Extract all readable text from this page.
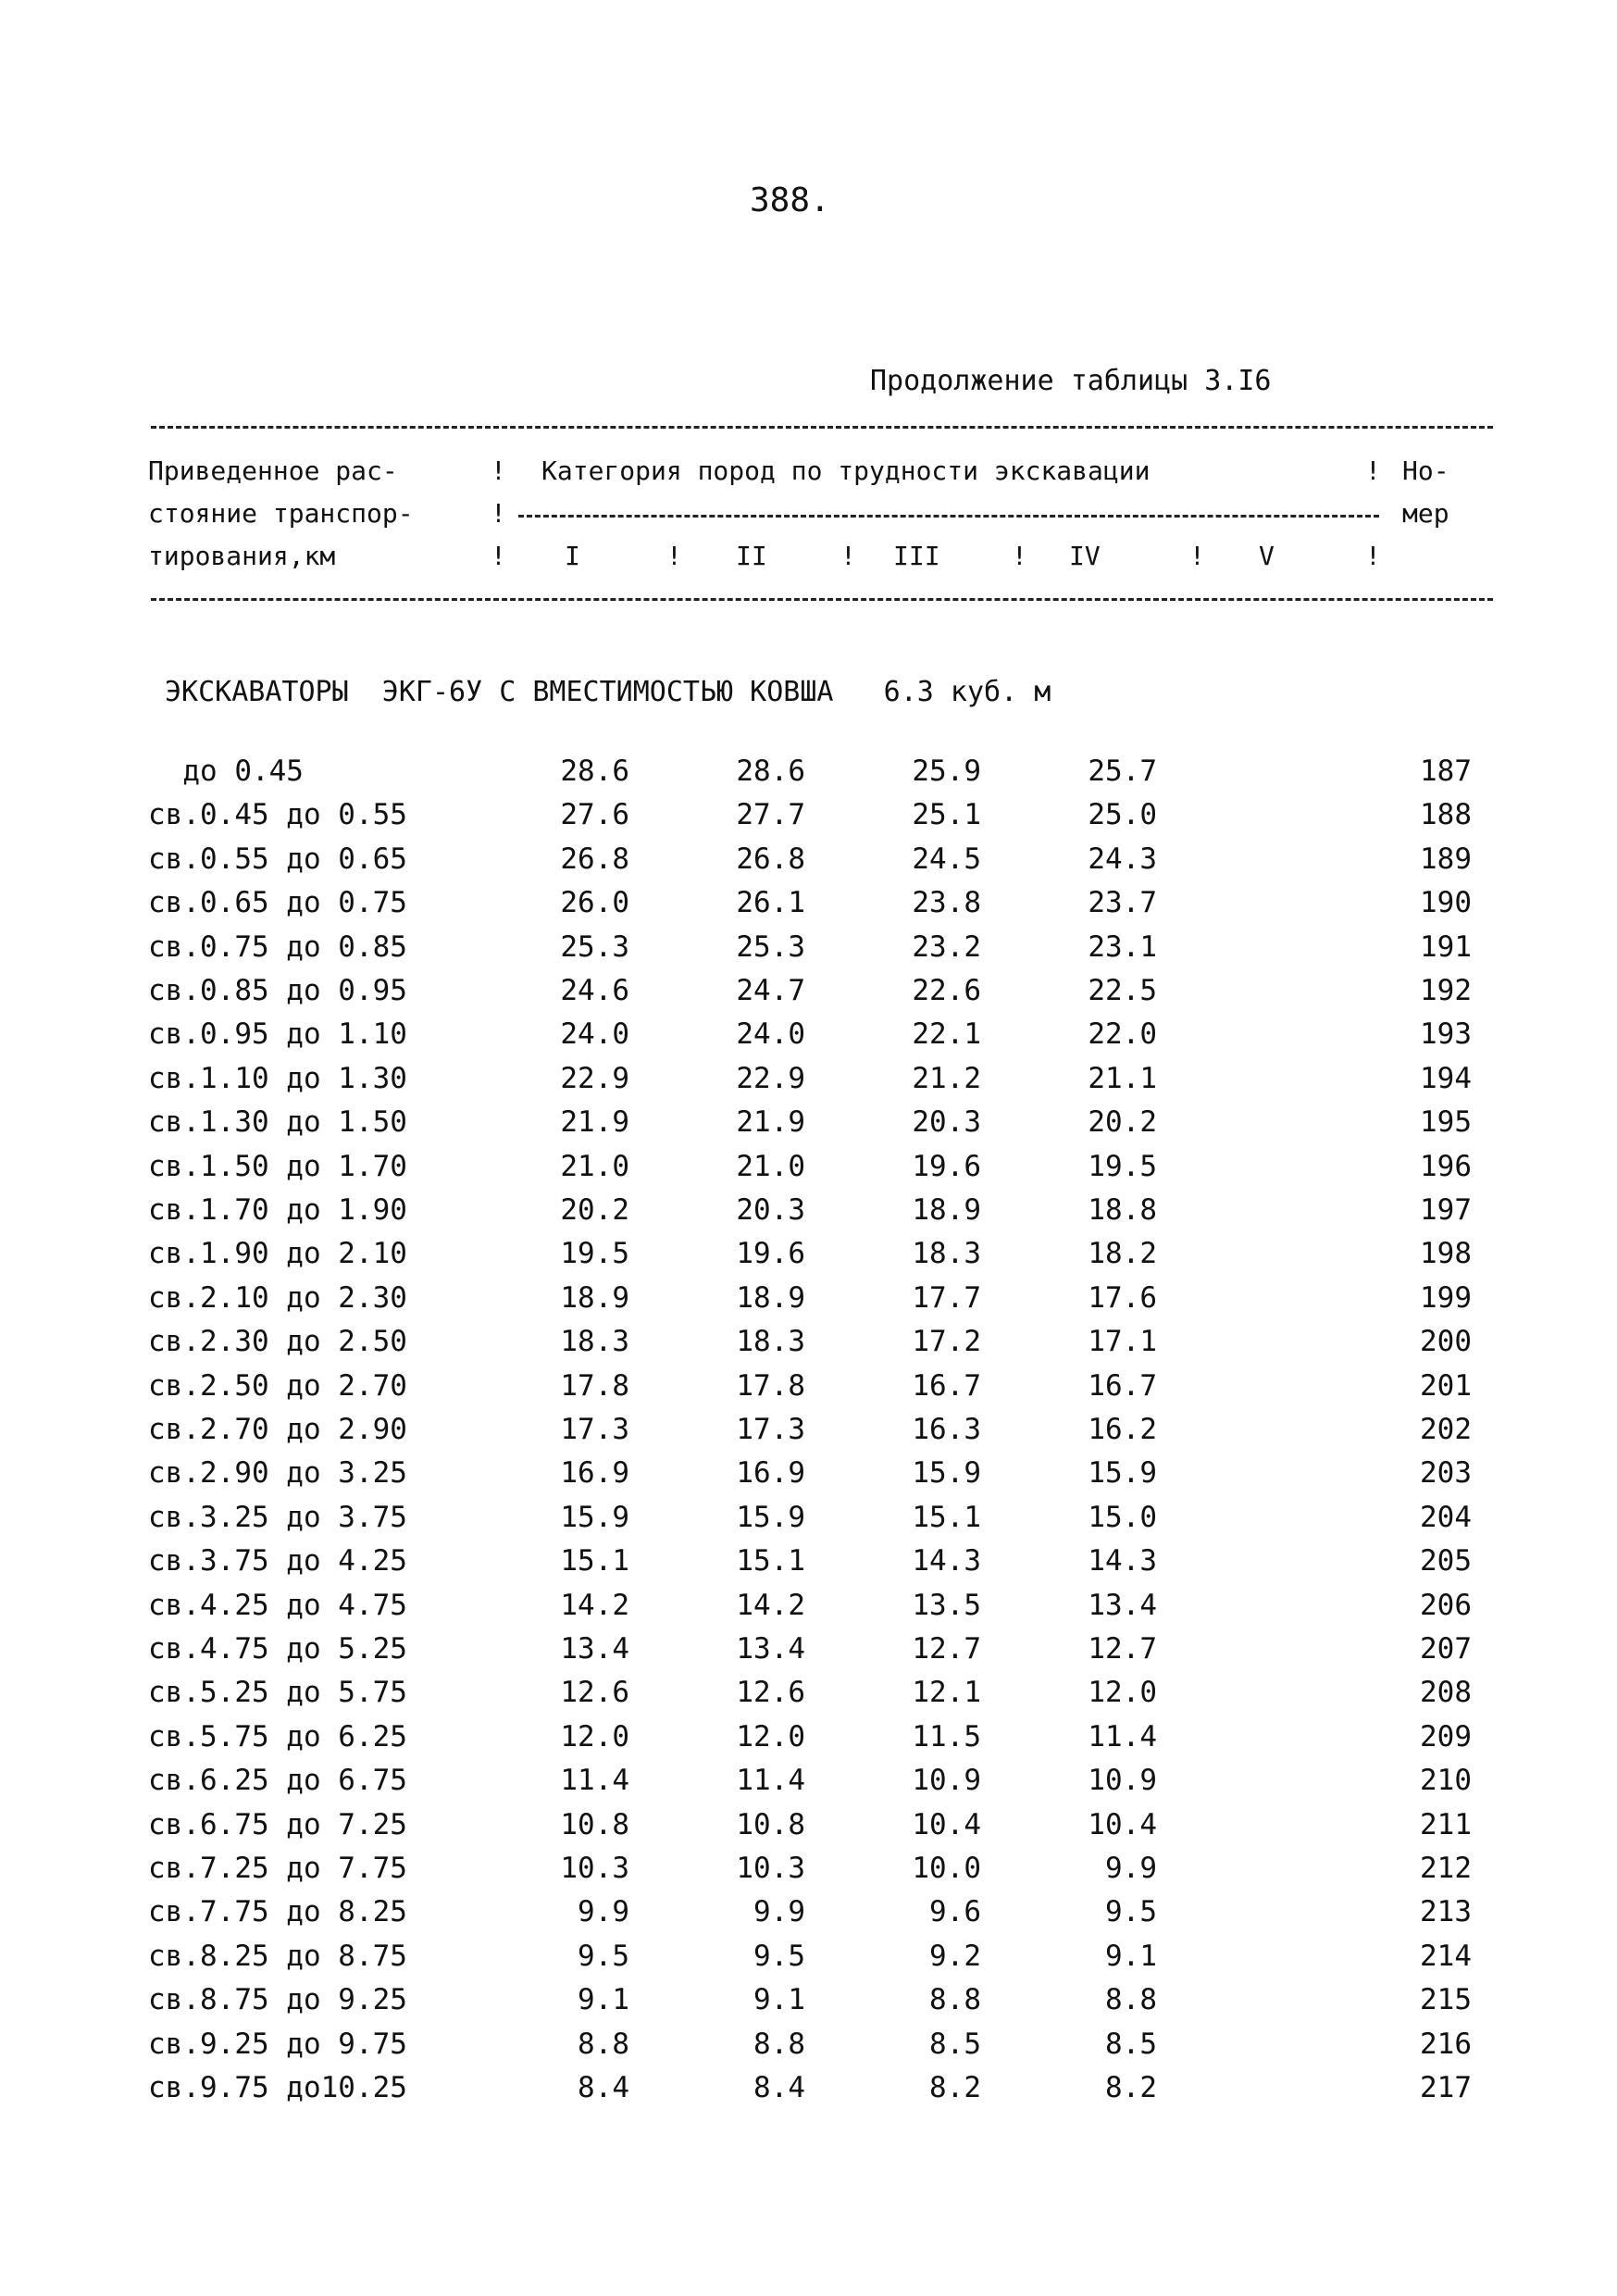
388.
Продолжение таблицы 3.I6
Приведенное рас-
стояние транспор-
тирования,км
!
!
!
Категория пород по трудности экскавации	! Но-
мер
I	! II	! III	! IV	! V	!
ЭКСКАВАТОРЫ  ЭКГ-6У С ВМЕСТИМОСТЬЮ КОВША   6.3 куб. м
до 0.45	28.6	28.6	25.9	25.7	187
св.0.45 до 0.55	27.6	27.7	25.1	25.0	188
св.0.55 до 0.65	26.8	26.8	24.5	24.3	189
св.0.65 до 0.75	26.0	26.1	23.8	23.7	190
св.0.75 до 0.85	25.3	25.3	23.2	23.1	191
св.0.85 до 0.95	24.6	24.7	22.6	22.5	192
св.0.95 до 1.10	24.0	24.0	22.1	22.0	193
св.1.10 до 1.30	22.9	22.9	21.2	21.1	194
св.1.30 до 1.50	21.9	21.9	20.3	20.2	195
св.1.50 до 1.70	21.0	21.0	19.6	19.5	196
св.1.70 до 1.90	20.2	20.3	18.9	18.8	197
св.1.90 до 2.10	19.5	19.6	18.3	18.2	198
св.2.10 до 2.30	18.9	18.9	17.7	17.6	199
св.2.30 до 2.50	18.3	18.3	17.2	17.1	200
св.2.50 до 2.70	17.8	17.8	16.7	16.7	201
св.2.70 до 2.90	17.3	17.3	16.3	16.2	202
св.2.90 до 3.25	16.9	16.9	15.9	15.9	203
св.3.25 до 3.75	15.9	15.9	15.1	15.0	204
св.3.75 до 4.25	15.1	15.1	14.3	14.3	205
св.4.25 до 4.75	14.2	14.2	13.5	13.4	206
св.4.75 до 5.25	13.4	13.4	12.7	12.7	207
св.5.25 до 5.75	12.6	12.6	12.1	12.0	208
св.5.75 до 6.25	12.0	12.0	11.5	11.4	209
св.6.25 до 6.75	11.4	11.4	10.9	10.9	210
св.6.75 до 7.25	10.8	10.8	10.4	10.4	211
св.7.25 до 7.75	10.3	10.3	10.0	9.9	212
св.7.75 до 8.25	9.9	9.9	9.6	9.5	213
св.8.25 до 8.75	9.5	9.5	9.2	9.1	214
св.8.75 до 9.25	9.1	9.1	8.8	8.8	215
св.9.25 до 9.75	8.8	8.8	8.5	8.5	216
св.9.75 до10.25	8.4	8.4	8.2	8.2	217
